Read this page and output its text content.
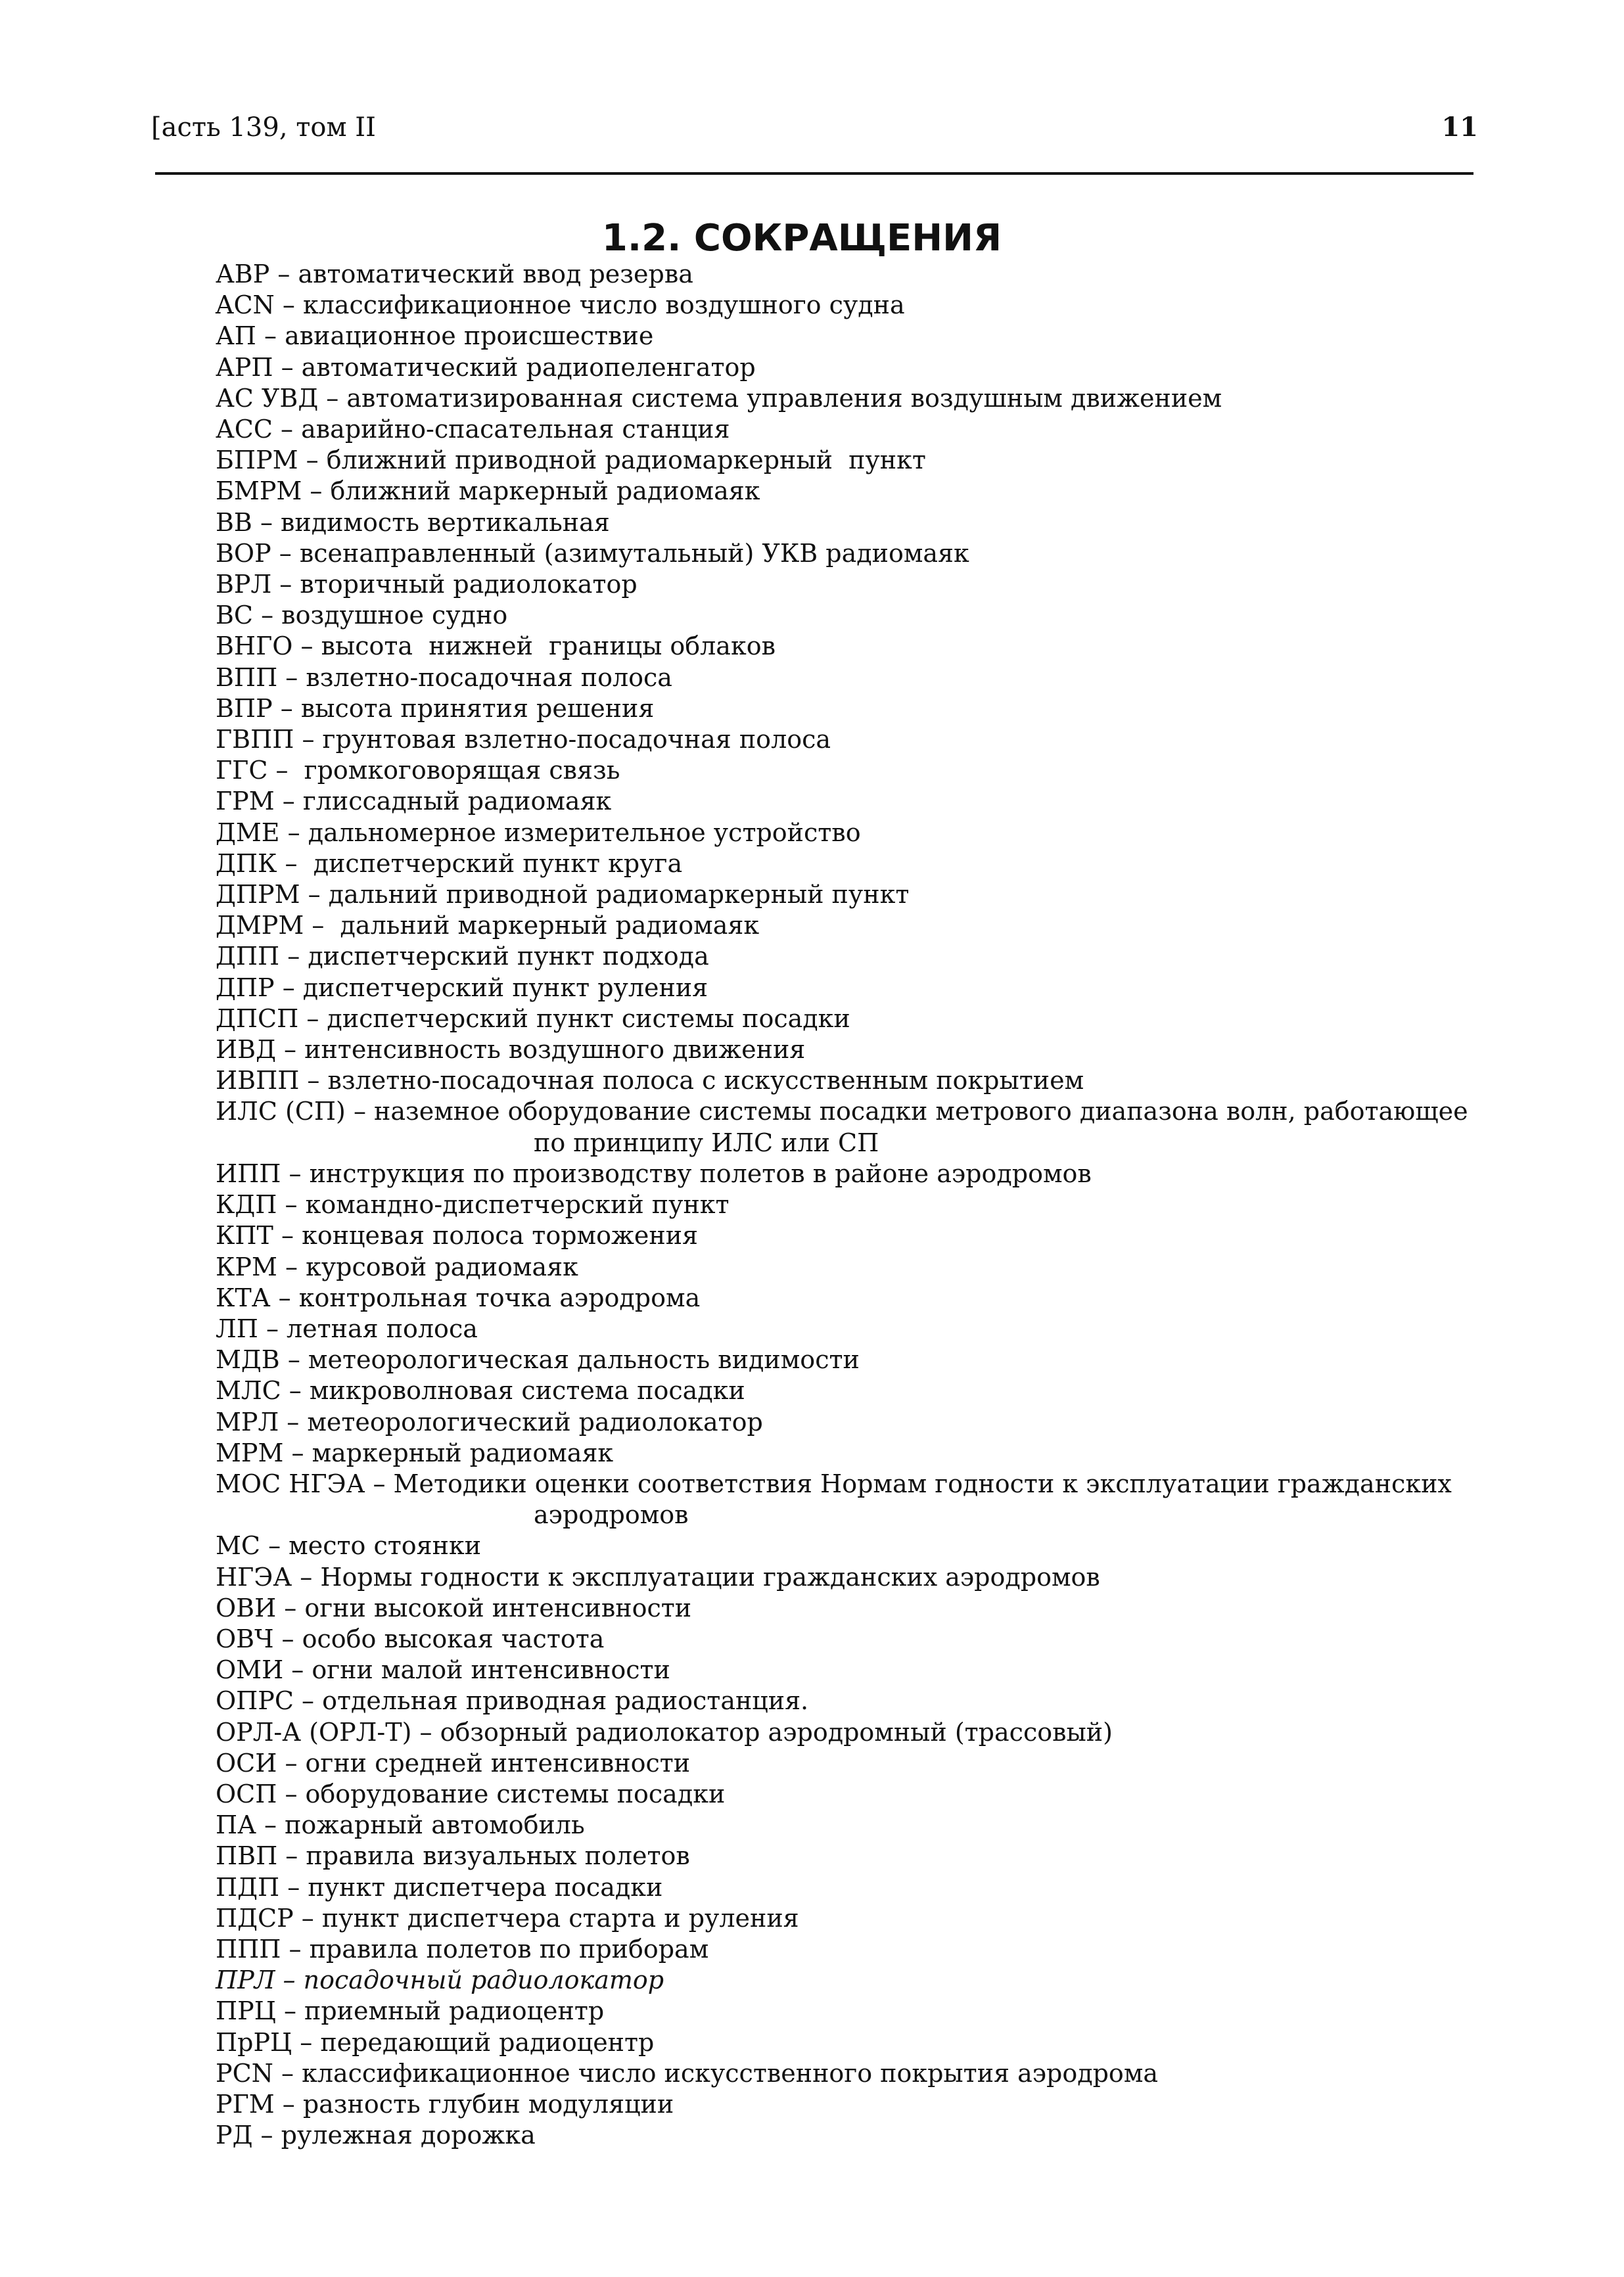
[асть 139, том II	11
1.2. СОКРАЩЕНИЯ
АВР – автоматический ввод резерва
ACN – классификационное число воздушного судна
АП – авиационное происшествие
АРП – автоматический радиопеленгатор
АС УВД – автоматизированная система управления воздушным движением
АСС – аварийно-спасательная станция
БПРМ – ближний приводной радиомаркерный  пункт
БМРМ – ближний маркерный радиомаяк
ВВ – видимость вертикальная
ВОР – всенаправленный (азимутальный) УКВ радиомаяк
ВРЛ – вторичный радиолокатор
ВС – воздушное судно
ВНГО – высота  нижней  границы облаков
ВПП – взлетно-посадочная полоса
ВПР – высота принятия решения
ГВПП – грунтовая взлетно-посадочная полоса
ГГС –  громкоговорящая связь
ГРМ – глиссадный радиомаяк
ДМЕ – дальномерное измерительное устройство
ДПК –  диспетчерский пункт круга
ДПРМ – дальний приводной радиомаркерный пункт
ДМРМ –  дальний маркерный радиомаяк
ДПП – диспетчерский пункт подхода
ДПР – диспетчерский пункт руления
ДПСП – диспетчерский пункт системы посадки
ИВД – интенсивность воздушного движения
ИВПП – взлетно-посадочная полоса с искусственным покрытием
ИЛС (СП) – наземное оборудование системы посадки метрового диапазона волн, работающее
по принципу ИЛС или СП
ИПП – инструкция по производству полетов в районе аэродромов
КДП – командно-диспетчерский пункт
КПТ – концевая полоса торможения
КРМ – курсовой радиомаяк
КТА – контрольная точка аэродрома
ЛП – летная полоса
МДВ – метеорологическая дальность видимости
МЛС – микроволновая система посадки
МРЛ – метеорологический радиолокатор
МРМ – маркерный радиомаяк
МОС НГЭА – Методики оценки соответствия Нормам годности к эксплуатации гражданских
аэродромов
МС – место стоянки
НГЭА – Нормы годности к эксплуатации гражданских аэродромов
ОВИ – огни высокой интенсивности
ОВЧ – особо высокая частота
ОМИ – огни малой интенсивности
ОПРС – отдельная приводная радиостанция.
ОРЛ-А (ОРЛ-Т) – обзорный радиолокатор аэродромный (трассовый)
ОСИ – огни средней интенсивности
ОСП – оборудование системы посадки
ПА – пожарный автомобиль
ПВП – правила визуальных полетов
ПДП – пункт диспетчера посадки
ПДСР – пункт диспетчера старта и руления
ППП – правила полетов по приборам
ПРЛ – посадочный радиолокатор
ПРЦ – приемный радиоцентр
ПрРЦ – передающий радиоцентр
PCN – классификационное число искусственного покрытия аэродрома
РГМ – разность глубин модуляции
РД – рулежная дорожка
